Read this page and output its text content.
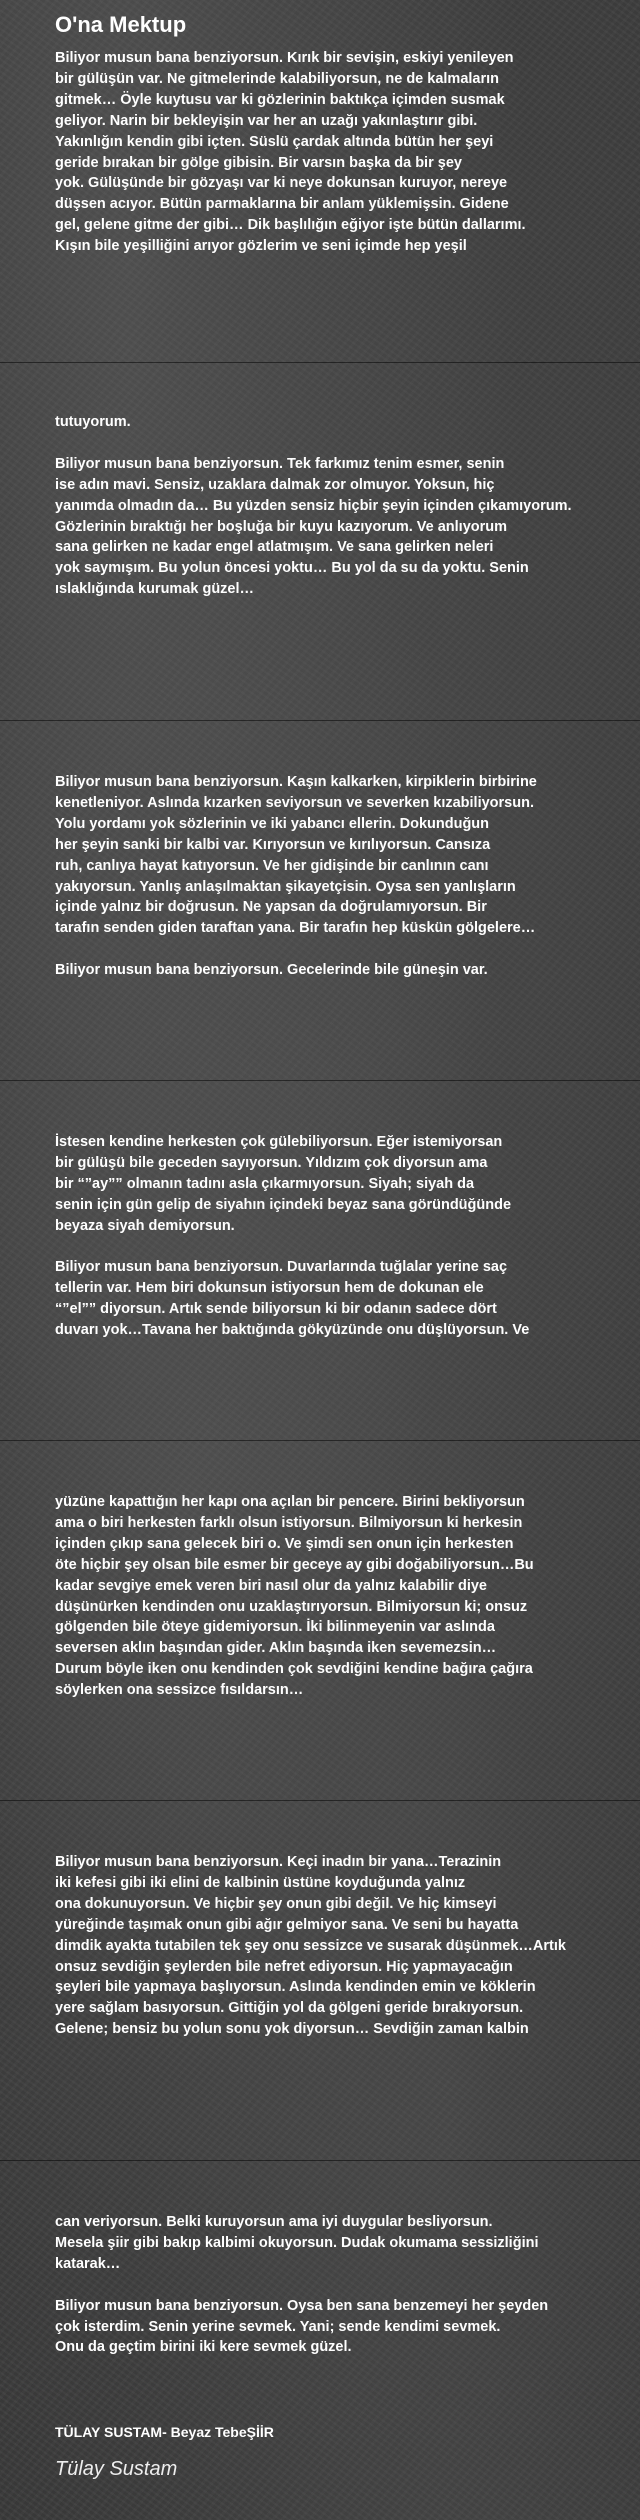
O'na Mektup

Biliyor musun bana benziyorsun. Kırık bir sevişin, eskiyi yenileyen
bir gülüşün var. Ne gitmelerinde kalabiliyorsun, ne de kalmaların
gitmek… Öyle kuytusu var ki gözlerinin baktıkça içimden susmak
geliyor. Narin bir bekleyişin var her an uzağı yakınlaştırır gibi.
Yakınlığın kendin gibi içten. Süslü çardak altında bütün her şeyi
geride bırakan bir gölge gibisin. Bir varsın başka da bir şey
yok. Gülüşünde bir gözyaşı var ki neye dokunsan kuruyor, nereye
düşsen acıyor. Bütün parmaklarına bir anlam yüklemişsin. Gidene
gel, gelene gitme der gibi… Dik başlılığın eğiyor işte bütün dallarımı.
Kışın bile yeşilliğini arıyor gözlerim ve seni içimde hep yeşil

tutuyorum.

Biliyor musun bana benziyorsun. Tek farkımız tenim esmer, senin
ise adın mavi. Sensiz, uzaklara dalmak zor olmuyor. Yoksun, hiç
yanımda olmadın da… Bu yüzden sensiz hiçbir şeyin içinden çıkamıyorum.
Gözlerinin bıraktığı her boşluğa bir kuyu kazıyorum. Ve anlıyorum
sana gelirken ne kadar engel atlatmışım. Ve sana gelirken neleri
yok saymışım. Bu yolun öncesi yoktu… Bu yol da su da yoktu. Senin
ıslaklığında kurumak güzel…

Biliyor musun bana benziyorsun. Kaşın kalkarken, kirpiklerin birbirine
kenetleniyor. Aslında kızarken seviyorsun ve severken kızabiliyorsun.
Yolu yordamı yok sözlerinin ve iki yabancı ellerin. Dokunduğun
her şeyin sanki bir kalbi var. Kırıyorsun ve kırılıyorsun. Cansıza
ruh, canlıya hayat katıyorsun. Ve her gidişinde bir canlının canı
yakıyorsun. Yanlış anlaşılmaktan şikayetçisin. Oysa sen yanlışların
içinde yalnız bir doğrusun. Ne yapsan da doğrulamıyorsun. Bir
tarafın senden giden taraftan yana. Bir tarafın hep küskün gölgelere…

Biliyor musun bana benziyorsun. Gecelerinde bile güneşin var.

İstesen kendine herkesten çok gülebiliyorsun. Eğer istemiyorsan
bir gülüşü bile geceden sayıyorsun. Yıldızım çok diyorsun ama
bir “”ay”” olmanın tadını asla çıkarmıyorsun. Siyah; siyah da
senin için gün gelip de siyahın içindeki beyaz sana göründüğünde
beyaza siyah demiyorsun.

Biliyor musun bana benziyorsun. Duvarlarında tuğlalar yerine saç
tellerin var. Hem biri dokunsun istiyorsun hem de dokunan ele
“”el”” diyorsun. Artık sende biliyorsun ki bir odanın sadece dört
duvarı yok…Tavana her baktığında gökyüzünde onu düşlüyorsun. Ve

yüzüne kapattığın her kapı ona açılan bir pencere. Birini bekliyorsun
ama o biri herkesten farklı olsun istiyorsun. Bilmiyorsun ki herkesin
içinden çıkıp sana gelecek biri o. Ve şimdi sen onun için herkesten
öte hiçbir şey olsan bile esmer bir geceye ay gibi doğabiliyorsun…Bu
kadar sevgiye emek veren biri nasıl olur da yalnız kalabilir diye
düşünürken kendinden onu uzaklaştırıyorsun. Bilmiyorsun ki; onsuz
gölgenden bile öteye gidemiyorsun. İki bilinmeyenin var aslında
seversen aklın başından gider. Aklın başında iken sevemezsin…
Durum böyle iken onu kendinden çok sevdiğini kendine bağıra çağıra
söylerken ona sessizce fısıldarsın…

Biliyor musun bana benziyorsun. Keçi inadın bir yana…Terazinin
iki kefesi gibi iki elini de kalbinin üstüne koyduğunda yalnız
ona dokunuyorsun. Ve hiçbir şey onun gibi değil. Ve hiç kimseyi
yüreğinde taşımak onun gibi ağır gelmiyor sana. Ve seni bu hayatta
dimdik ayakta tutabilen tek şey onu sessizce ve susarak düşünmek…Artık
onsuz sevdiğin şeylerden bile nefret ediyorsun. Hiç yapmayacağın
şeyleri bile yapmaya başlıyorsun. Aslında kendinden emin ve köklerin
yere sağlam basıyorsun. Gittiğin yol da gölgeni geride bırakıyorsun.
Gelene; bensiz bu yolun sonu yok diyorsun… Sevdiğin zaman kalbin

can veriyorsun. Belki kuruyorsun ama iyi duygular besliyorsun.
Mesela şiir gibi bakıp kalbimi okuyorsun. Dudak okumama sessizliğini
katarak…

Biliyor musun bana benziyorsun. Oysa ben sana benzemeyi her şeyden
çok isterdim. Senin yerine sevmek. Yani; sende kendimi sevmek.
Onu da geçtim birini iki kere sevmek güzel.

TÜLAY SUSTAM- Beyaz TebeŞİİR

Tülay Sustam
